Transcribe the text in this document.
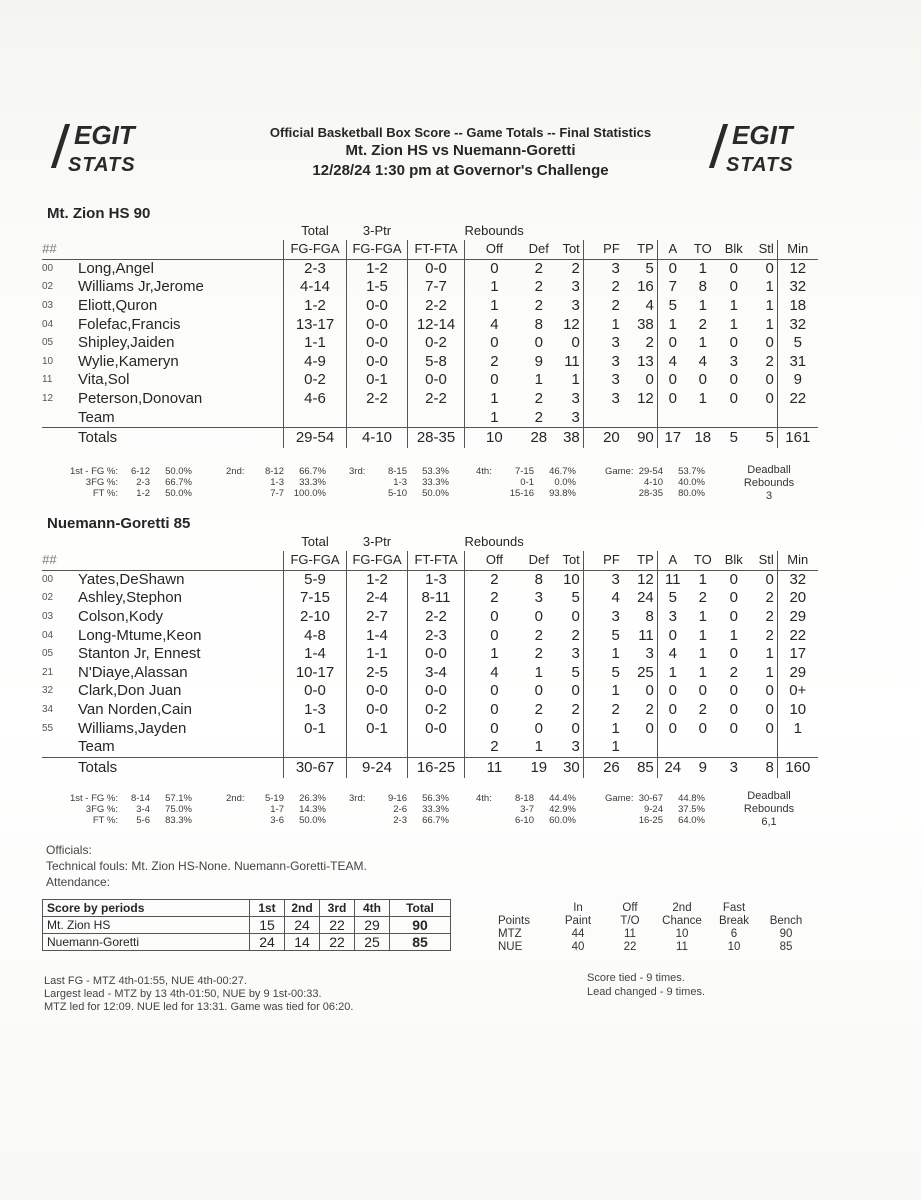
EGIT
STATS
EGIT
STATS
Official Basketball Box Score -- Game Totals -- Final Statistics
Mt. Zion HS vs Nuemann-Goretti
12/28/24 1:30 pm at Governor's Challenge
Mt. Zion HS 90
		Total	3-Ptr		Rebounds									
##		FG-FGA	FG-FGA	FT-FTA	Off	Def	Tot	PF	TP	A	TO	Blk	Stl	Min
00	Long,Angel	2-3	1-2	0-0	0	2	2	3	5	0	1	0	0	12
02	Williams Jr,Jerome	4-14	1-5	7-7	1	2	3	2	16	7	8	0	1	32
03	Eliott,Quron	1-2	0-0	2-2	1	2	3	2	4	5	1	1	1	18
04	Folefac,Francis	13-17	0-0	12-14	4	8	12	1	38	1	2	1	1	32
05	Shipley,Jaiden	1-1	0-0	0-2	0	0	0	3	2	0	1	0	0	5
10	Wylie,Kameryn	4-9	0-0	5-8	2	9	11	3	13	4	4	3	2	31
11	Vita,Sol	0-2	0-1	0-0	0	1	1	3	0	0	0	0	0	9
12	Peterson,Donovan	4-6	2-2	2-2	1	2	3	3	12	0	1	0	0	22
	Team				1	2	3							
	Totals	29-54	4-10	28-35	10	28	38	20	90	17	18	5	5	161
1st - FG %:	6-12	50.0%	2nd:	8-12	66.7% 3rd:	8-15	53.3%	4th:	7-15	46.7%	Game: 29-54	53.7%
3FG %:	2-3	66.7%	1-3	33.3%	1-3	33.3%	0-1	0.0%	4-10	40.0%
FT %:	1-2	50.0%	7-7	100.0%	5-10	50.0%	15-16	93.8%	28-35	80.0%
Deadball
Rebounds
3
Nuemann-Goretti 85
		Total	3-Ptr		Rebounds									
##		FG-FGA	FG-FGA	FT-FTA	Off	Def	Tot	PF	TP	A	TO	Blk	Stl	Min
00	Yates,DeShawn	5-9	1-2	1-3	2	8	10	3	12	11	1	0	0	32
02	Ashley,Stephon	7-15	2-4	8-11	2	3	5	4	24	5	2	0	2	20
03	Colson,Kody	2-10	2-7	2-2	0	0	0	3	8	3	1	0	2	29
04	Long-Mtume,Keon	4-8	1-4	2-3	0	2	2	5	11	0	1	1	2	22
05	Stanton Jr, Ennest	1-4	1-1	0-0	1	2	3	1	3	4	1	0	1	17
21	N'Diaye,Alassan	10-17	2-5	3-4	4	1	5	5	25	1	1	2	1	29
32	Clark,Don Juan	0-0	0-0	0-0	0	0	0	1	0	0	0	0	0	0+
34	Van Norden,Cain	1-3	0-0	0-2	0	2	2	2	2	0	2	0	0	10
55	Williams,Jayden	0-1	0-1	0-0	0	0	0	1	0	0	0	0	0	1
	Team				2	1	3	1						
	Totals	30-67	9-24	16-25	11	19	30	26	85	24	9	3	8	160
1st - FG %:	8-14	57.1%	2nd:	5-19	26.3% 3rd:	9-16	56.3%	4th:	8-18	44.4%	Game: 30-67	44.8%
3FG %:	3-4	75.0%	1-7	14.3%	2-6	33.3%	3-7	42.9%	9-24	37.5%
FT %:	5-6	83.3%	3-6	50.0%	2-3	66.7%	6-10	60.0%	16-25	64.0%
Deadball
Rebounds
6,1
Officials:
Technical fouls: Mt. Zion HS-None. Nuemann-Goretti-TEAM.
Attendance:
Score by periods	1st	2nd	3rd	4th	Total
Mt. Zion HS	15	24	22	29	90
Nuemann-Goretti	24	14	22	25	85
	In	Off	2nd	Fast	
Points	Paint	T/O	Chance	Break	Bench
MTZ	44	11	10	6	90
NUE	40	22	11	10	85
Last FG - MTZ 4th-01:55, NUE 4th-00:27.
Largest lead - MTZ by 13 4th-01:50, NUE by 9 1st-00:33.
MTZ led for 12:09. NUE led for 13:31. Game was tied for 06:20.
Score tied - 9 times.
Lead changed - 9 times.
